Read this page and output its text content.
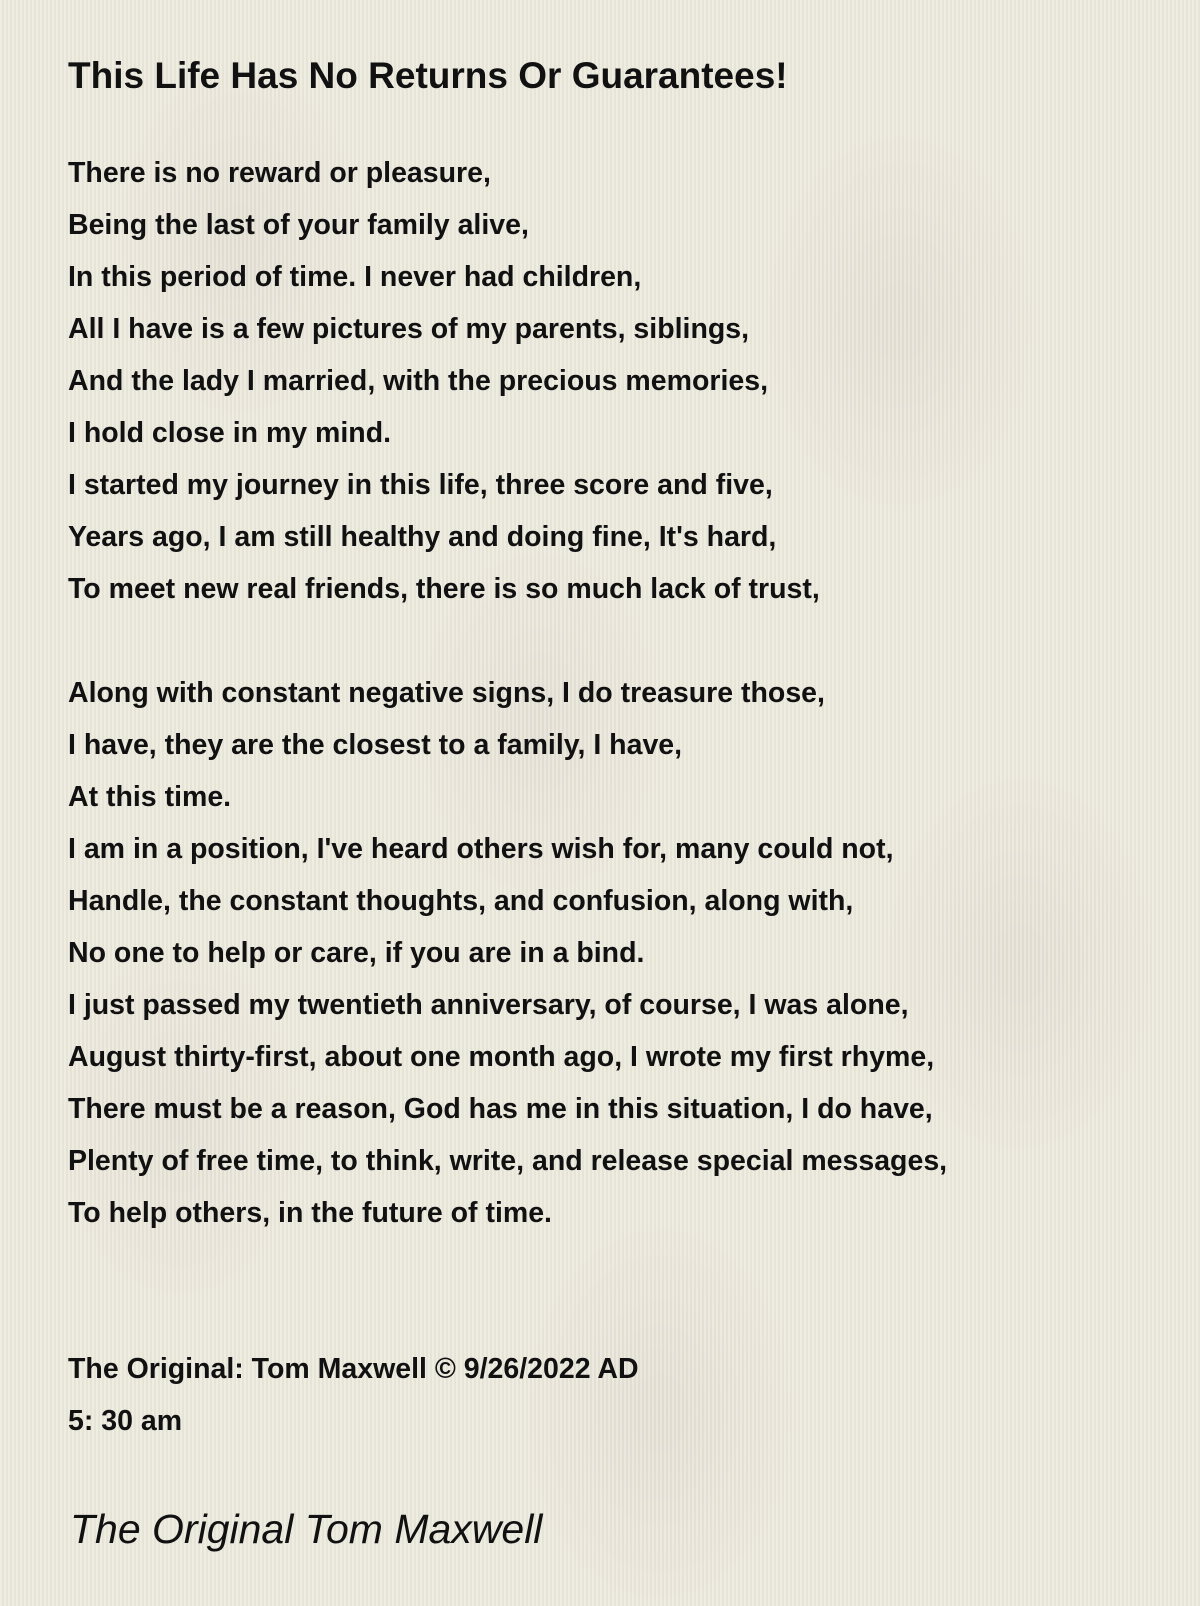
This Life Has No Returns Or Guarantees!
There is no reward or pleasure,
Being the last of your family alive,
In this period of time. I never had children,
All I have is a few pictures of my parents, siblings,
And the lady I married, with the precious memories,
I hold close in my mind.
I started my journey in this life, three score and five,
Years ago, I am still healthy and doing fine, It's hard,
To meet new real friends, there is so much lack of trust,
Along with constant negative signs, I do treasure those,
I have, they are the closest to a family, I have,
At this time.
I am in a position, I've heard others wish for, many could not,
Handle, the constant thoughts, and confusion, along with,
No one to help or care, if you are in a bind.
I just passed my twentieth anniversary, of course, I was alone,
August thirty-first, about one month ago, I wrote my first rhyme,
There must be a reason, God has me in this situation, I do have,
Plenty of free time, to think, write, and release special messages,
To help others, in the future of time.
The Original: Tom Maxwell © 9/26/2022 AD
5: 30 am
The Original Tom Maxwell
